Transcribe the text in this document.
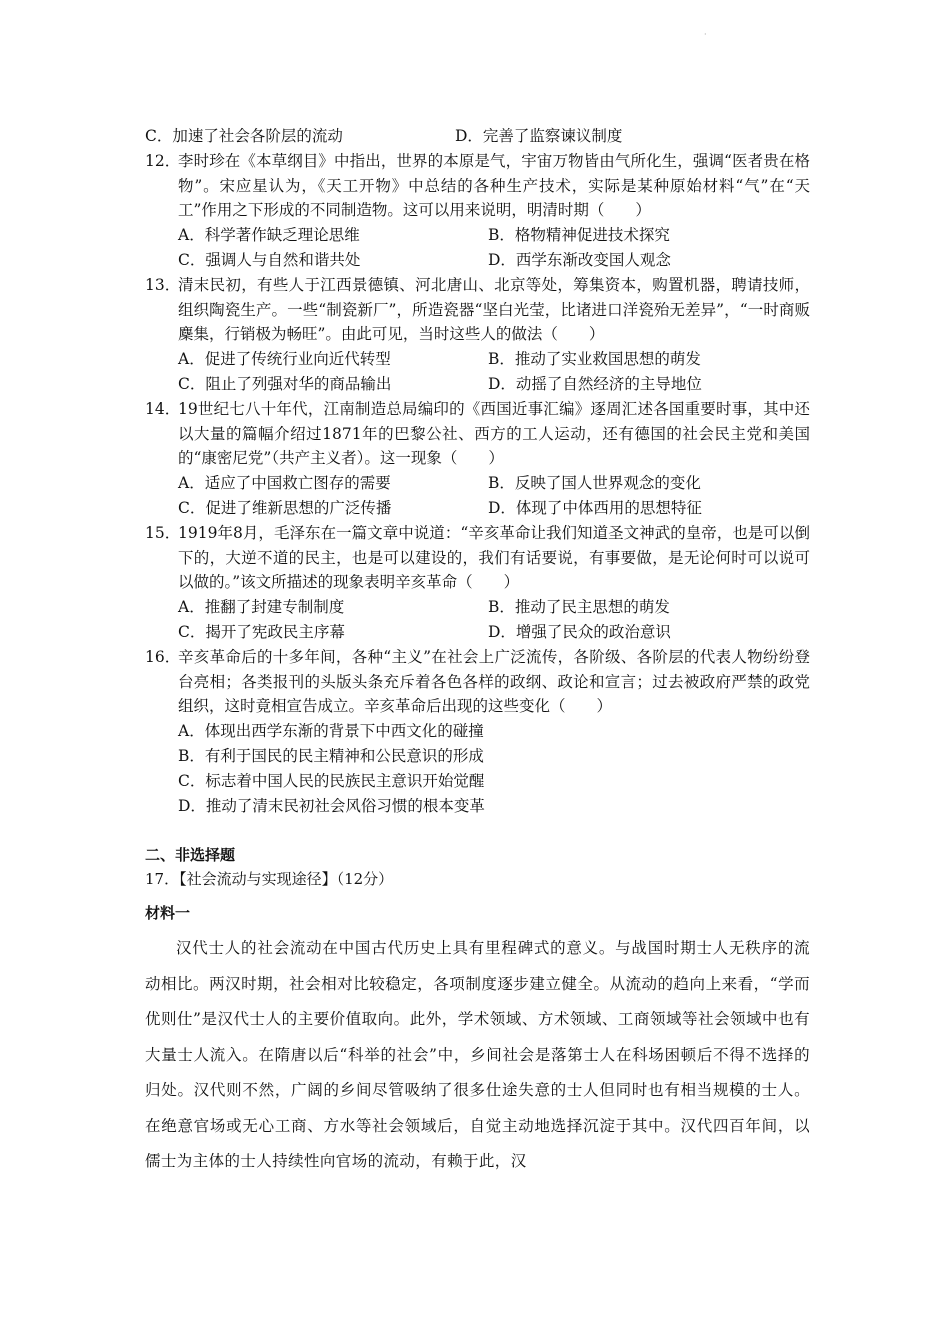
·
C．加速了社会各阶层的流动	D．完善了监察谏议制度
12．
李时珍在《本草纲目》中指出，世界的本原是气，宇宙万物皆由气所化生，强调“医者贵在格物”。宋应星认为，《天工开物》中总结的各种生产技术，实际是某种原始材料“气”在“天工”作用之下形成的不同制造物。这可以用来说明，明清时期（　　）
A．科学著作缺乏理论思维	B．格物精神促进技术探究
C．强调人与自然和谐共处	D．西学东渐改变国人观念
13．
清末民初，有些人于江西景德镇、河北唐山、北京等处，筹集资本，购置机器，聘请技师，组织陶瓷生产。一些“制瓷新厂”，所造瓷器“坚白光莹，比诸进口洋瓷殆无差异”，“一时商贩麇集，行销极为畅旺”。由此可见，当时这些人的做法（　　）
A．促进了传统行业向近代转型	B．推动了实业救国思想的萌发
C．阻止了列强对华的商品输出	D．动摇了自然经济的主导地位
14．
19世纪七八十年代，江南制造总局编印的《西国近事汇编》逐周汇述各国重要时事，其中还以大量的篇幅介绍过1871年的巴黎公社、西方的工人运动，还有德国的社会民主党和美国的“康密尼党”（共产主义者）。这一现象（　　）
A．适应了中国救亡图存的需要	B．反映了国人世界观念的变化
C．促进了维新思想的广泛传播	D．体现了中体西用的思想特征
15．
1919年8月，毛泽东在一篇文章中说道：“辛亥革命让我们知道圣文神武的皇帝，也是可以倒下的，大逆不道的民主，也是可以建设的，我们有话要说，有事要做，是无论何时可以说可以做的。”该文所描述的现象表明辛亥革命（　　）
A．推翻了封建专制制度	B．推动了民主思想的萌发
C．揭开了宪政民主序幕	D．增强了民众的政治意识
16．
辛亥革命后的十多年间，各种“主义”在社会上广泛流传，各阶级、各阶层的代表人物纷纷登台亮相；各类报刊的头版头条充斥着各色各样的政纲、政论和宣言；过去被政府严禁的政党组织，这时竟相宣告成立。辛亥革命后出现的这些变化（　　）
A．体现出西学东渐的背景下中西文化的碰撞
B．有利于国民的民主精神和公民意识的形成
C．标志着中国人民的民族民主意识开始觉醒
D．推动了清末民初社会风俗习惯的根本变革
二、非选择题
17．【社会流动与实现途径】（12分）
材料一
汉代士人的社会流动在中国古代历史上具有里程碑式的意义。与战国时期士人无秩序的流动相比。两汉时期，社会相对比较稳定，各项制度逐步建立健全。从流动的趋向上来看，“学而优则仕”是汉代士人的主要价值取向。此外，学术领域、方术领域、工商领域等社会领域中也有大量士人流入。在隋唐以后“科举的社会”中，乡间社会是落第士人在科场困顿后不得不选择的归处。汉代则不然，广阔的乡间尽管吸纳了很多仕途失意的士人但同时也有相当规模的士人。在绝意官场或无心工商、方水等社会领域后，自觉主动地选择沉淀于其中。汉代四百年间，以儒士为主体的士人持续性向官场的流动，有赖于此，汉
